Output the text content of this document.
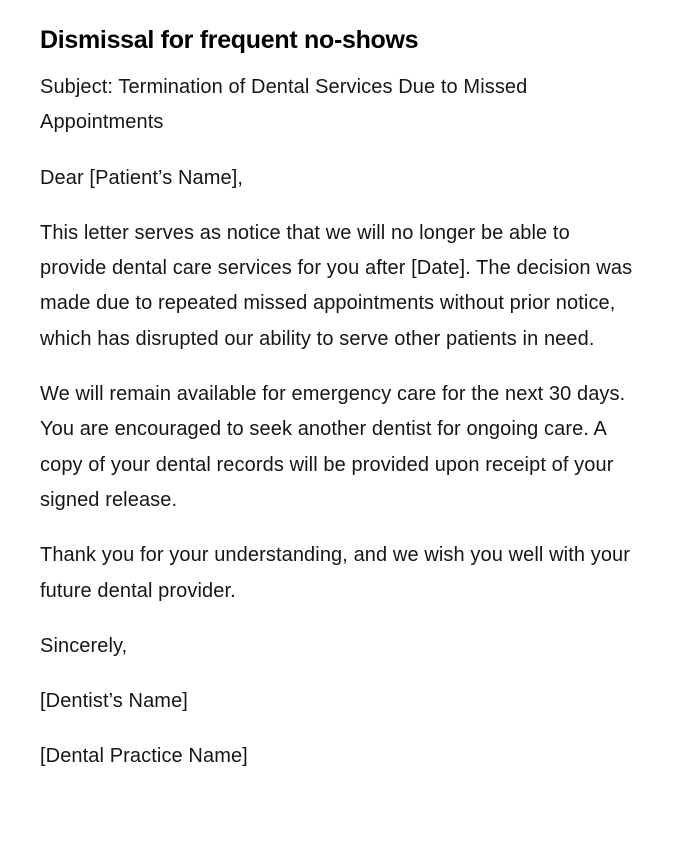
Dismissal for frequent no-shows

Subject: Termination of Dental Services Due to Missed Appointments

Dear [Patient’s Name],

This letter serves as notice that we will no longer be able to provide dental care services for you after [Date]. The decision was made due to repeated missed appointments without prior notice, which has disrupted our ability to serve other patients in need.

We will remain available for emergency care for the next 30 days. You are encouraged to seek another dentist for ongoing care. A copy of your dental records will be provided upon receipt of your signed release.

Thank you for your understanding, and we wish you well with your future dental provider.

Sincerely,

[Dentist’s Name]

[Dental Practice Name]
